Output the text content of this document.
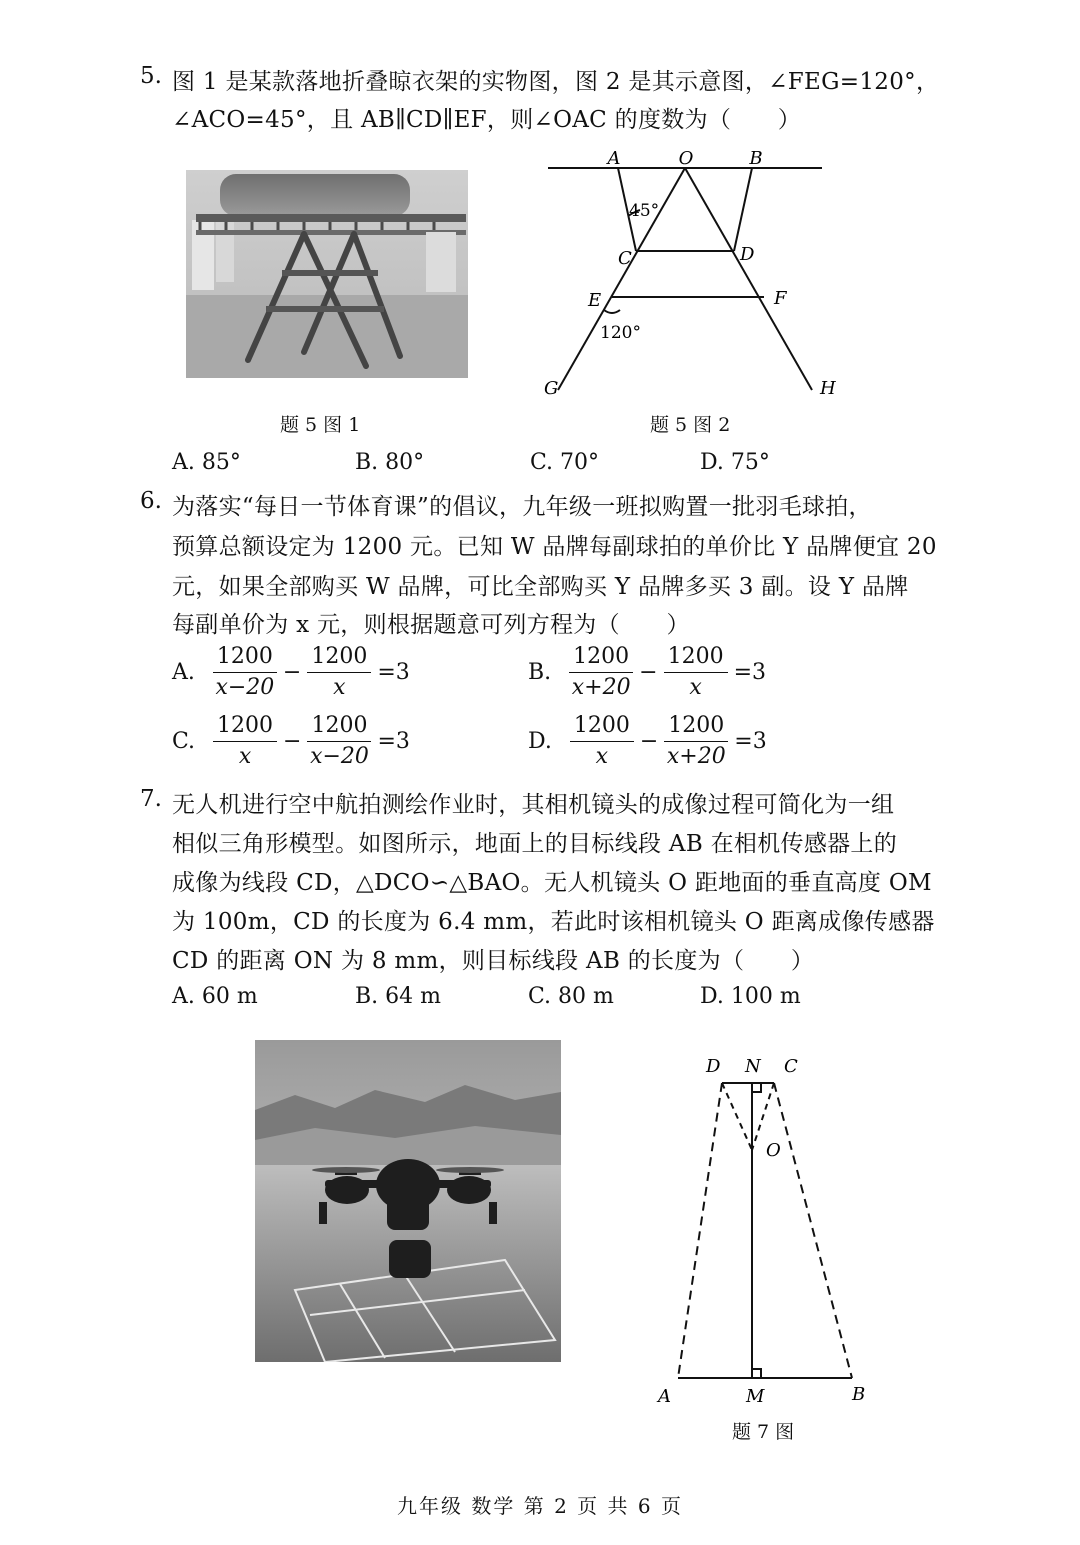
5. 图 1 是某款落地折叠晾衣架的实物图，图 2 是其示意图，∠FEG=120°，
∠ACO=45°，且 AB∥CD∥EF，则∠OAC 的度数为（　　）
题 5 图 1
A	O	B
45°
C	D
E	F
120°
G	H
题 5 图 2
A. 85°	B. 80°	C. 70°	D. 75°
6. 为落实“每日一节体育课”的倡议，九年级一班拟购置一批羽毛球拍，
预算总额设定为 1200 元。已知 W 品牌每副球拍的单价比 Y 品牌便宜 20
元，如果全部购买 W 品牌，可比全部购买 Y 品牌多买 3 副。设 Y 品牌
每副单价为 x 元，则根据题意可列方程为（　　）
A. $\frac{1200}{x-20} - \frac{1200}{x} =3$	B. $\frac{1200}{x+20} - \frac{1200}{x} =3$
C. $\frac{1200}{x} - \frac{1200}{x-20} =3$	D. $\frac{1200}{x} - \frac{1200}{x+20} =3$
7. 无人机进行空中航拍测绘作业时，其相机镜头的成像过程可简化为一组
相似三角形模型。如图所示，地面上的目标线段 AB 在相机传感器上的
成像为线段 CD，△DCO∽△BAO。无人机镜头 O 距地面的垂直高度 OM
为 100m，CD 的长度为 6.4 mm，若此时该相机镜头 O 距离成像传感器
CD 的距离 ON 为 8 mm，则目标线段 AB 的长度为（　　）
A. 60 m	B. 64 m	C. 80 m	D. 100 m
D N C
O
A	M	B
题 7 图
九年级 数学 第 2 页 共 6 页
